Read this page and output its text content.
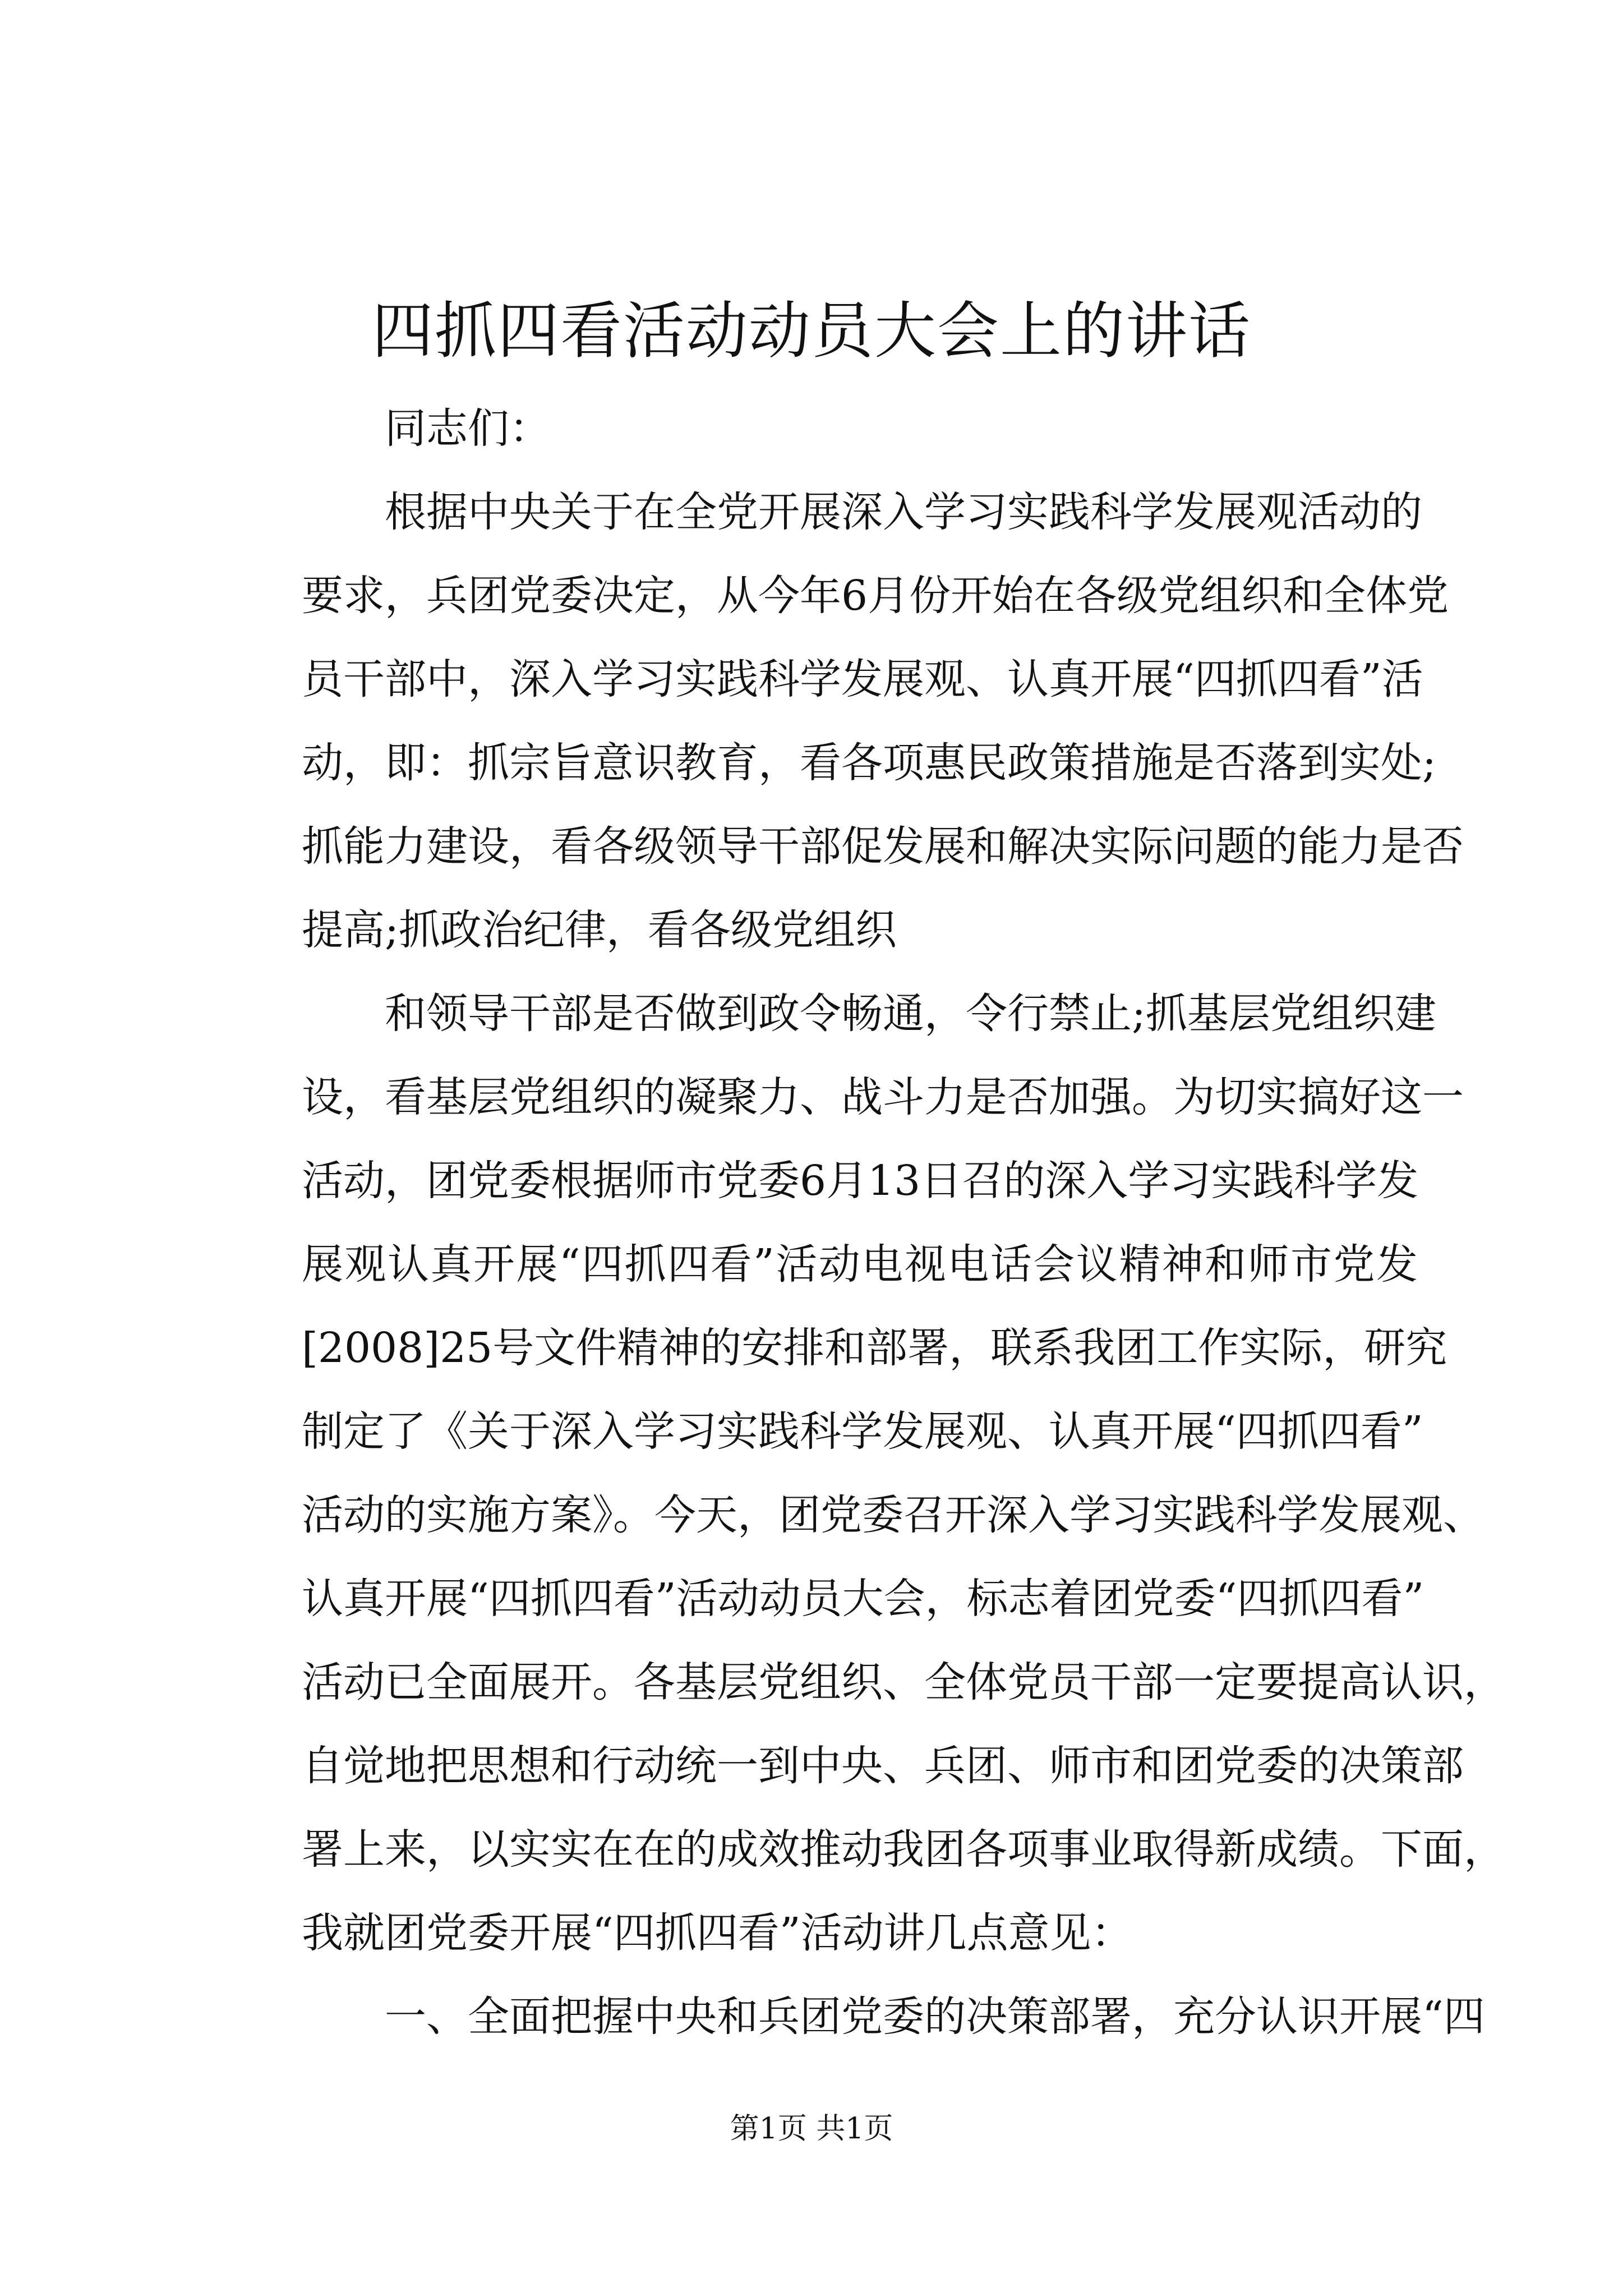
四抓四看活动动员大会上的讲话
同志们：
根据中央关于在全党开展深入学习实践科学发展观活动的
要求，兵团党委决定，从今年6月份开始在各级党组织和全体党
员干部中，深入学习实践科学发展观、认真开展“四抓四看”活
动，即：抓宗旨意识教育，看各项惠民政策措施是否落到实处;
抓能力建设，看各级领导干部促发展和解决实际问题的能力是否
提高;抓政治纪律，看各级党组织
和领导干部是否做到政令畅通，令行禁止;抓基层党组织建
设，看基层党组织的凝聚力、战斗力是否加强。为切实搞好这一
活动，团党委根据师市党委6月13日召的深入学习实践科学发
展观认真开展“四抓四看”活动电视电话会议精神和师市党发
[2008]25号文件精神的安排和部署，联系我团工作实际，研究
制定了《关于深入学习实践科学发展观、认真开展“四抓四看”
活动的实施方案》。今天，团党委召开深入学习实践科学发展观、
认真开展“四抓四看”活动动员大会，标志着团党委“四抓四看”
活动已全面展开。各基层党组织、全体党员干部一定要提高认识，
自觉地把思想和行动统一到中央、兵团、师市和团党委的决策部
署上来，以实实在在的成效推动我团各项事业取得新成绩。下面，
我就团党委开展“四抓四看”活动讲几点意见：
一、全面把握中央和兵团党委的决策部署，充分认识开展“四
第1页 共1页
